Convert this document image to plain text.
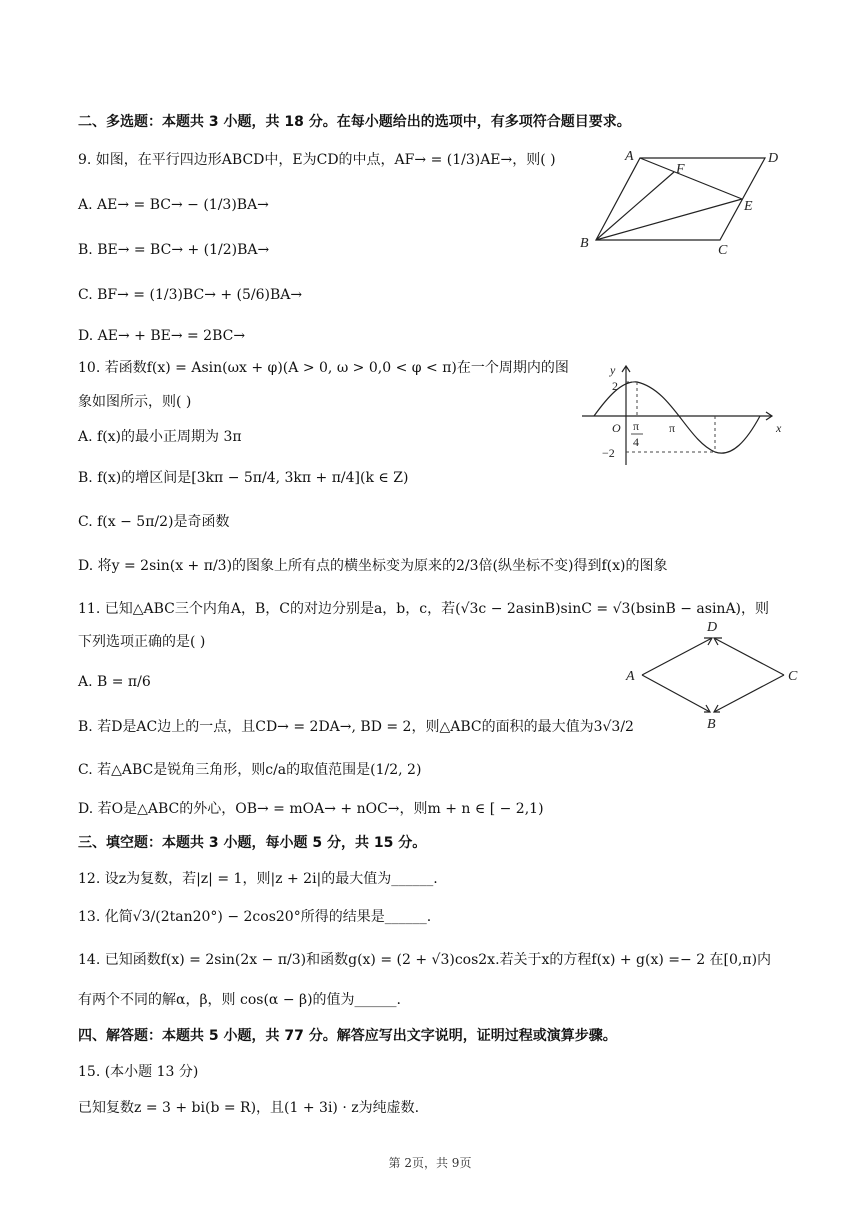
二、多选题：本题共 3 小题，共 18 分。在每小题给出的选项中，有多项符合题目要求。
9. 如图，在平行四边形ABCD中，E为CD的中点，AF→ = (1/3)AE→，则( )
A. AE→ = BC→ − (1/3)BA→
B. BE→ = BC→ + (1/2)BA→
C. BF→ = (1/3)BC→ + (5/6)BA→
D. AE→ + BE→ = 2BC→
A	D
F
E
B	C
10. 若函数f(x) = Asin(ωx + φ)(A > 0, ω > 0,0 < φ < π)在一个周期内的图
象如图所示，则( )
A. f(x)的最小正周期为 3π
B. f(x)的增区间是[3kπ − 5π/4, 3kπ + π/4](k ∈ Z)
C. f(x − 5π/2)是奇函数
D. 将y = 2sin(x + π/3)的图象上所有点的横坐标变为原来的2/3倍(纵坐标不变)得到f(x)的图象
y
x
O
2
−2
π
4
π
11. 已知△ABC三个内角A，B，C的对边分别是a，b，c，若(√3c − 2asinB)sinC = √3(bsinB − asinA)，则
下列选项正确的是( )
A. B = π/6
B. 若D是AC边上的一点，且CD→ = 2DA→, BD = 2，则△ABC的面积的最大值为3√3/2
C. 若△ABC是锐角三角形，则c/a的取值范围是(1/2, 2)
D. 若O是△ABC的外心，OB→ = mOA→ + nOC→，则m + n ∈ [ − 2,1)
D
A	C
B
三、填空题：本题共 3 小题，每小题 5 分，共 15 分。
12. 设z为复数，若|z| = 1，则|z + 2i|的最大值为______.
13. 化简√3/(2tan20°) − 2cos20°所得的结果是______.
14. 已知函数f(x) = 2sin(2x − π/3)和函数g(x) = (2 + √3)cos2x.若关于x的方程f(x) + g(x) =− 2 在[0,π)内
有两个不同的解α，β，则 cos(α − β)的值为______.
四、解答题：本题共 5 小题，共 77 分。解答应写出文字说明，证明过程或演算步骤。
15. (本小题 13 分)
已知复数z = 3 + bi(b = R)，且(1 + 3i) · z为纯虚数.
第 2页，共 9页
